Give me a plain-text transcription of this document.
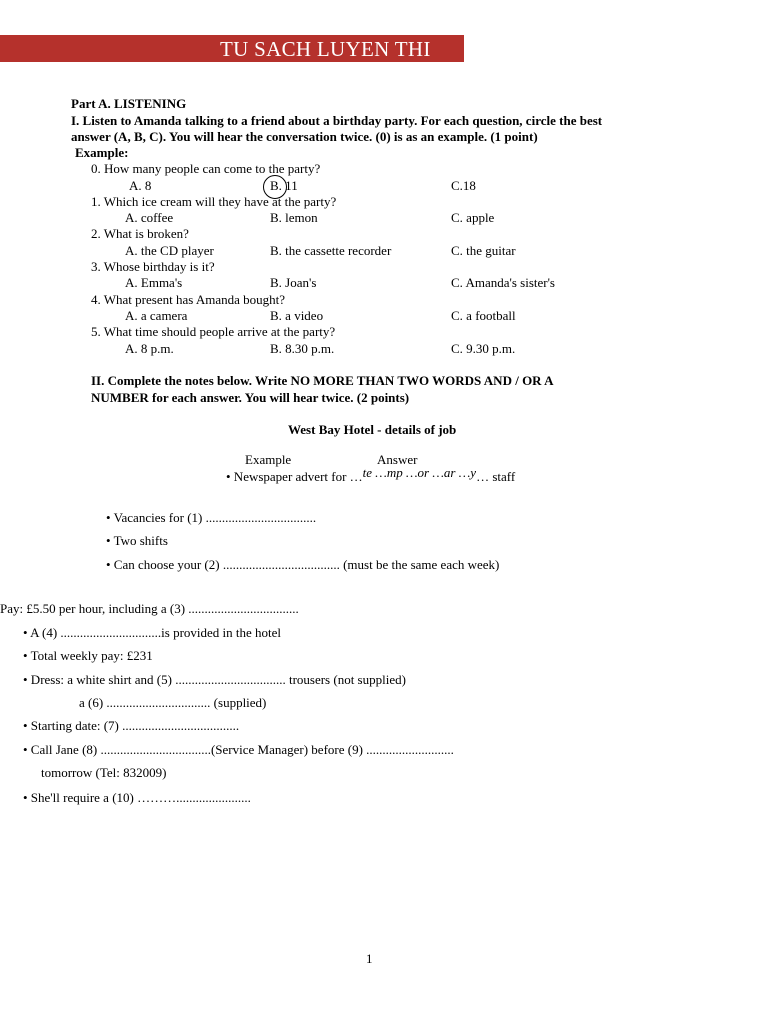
TU SACH LUYEN THI
Part A. LISTENING
I. Listen to Amanda talking to a friend about a birthday party. For each question, circle the best
answer (A, B, C). You will hear the conversation twice. (0) is as an example. (1 point)
Example:
0. How many people can come to the party?
A. 8	B. 11	C.18
1. Which ice cream will they have at the party?
A. coffee	B. lemon	C. apple
2. What is broken?
A. the CD player	B. the cassette recorder	C. the guitar
3. Whose birthday is it?
A. Emma's	B. Joan's	C. Amanda's sister's
4. What present has Amanda bought?
A. a camera	B. a video	C. a football
5. What time should people arrive at the party?
A. 8 p.m.	B. 8.30 p.m.	C. 9.30 p.m.
II. Complete the notes below. Write NO MORE THAN TWO WORDS AND / OR A
NUMBER for each answer. You will hear twice. (2 points)
West Bay Hotel - details of job
Example	Answer
• Newspaper advert for …te …mp …or …ar …y… staff
• Vacancies for (1) ..................................
• Two shifts
• Can choose your (2) .................................... (must be the same each week)
Pay: £5.50 per hour, including a (3) ..................................
• A (4) ...............................is provided in the hotel
• Total weekly pay: £231
• Dress: a white shirt and (5) .................................. trousers (not supplied)
a (6) ................................ (supplied)
• Starting date: (7) ....................................
• Call Jane (8) ..................................(Service Manager) before (9) ...........................
tomorrow (Tel: 832009)
• She'll require a (10) ……….......................
1
